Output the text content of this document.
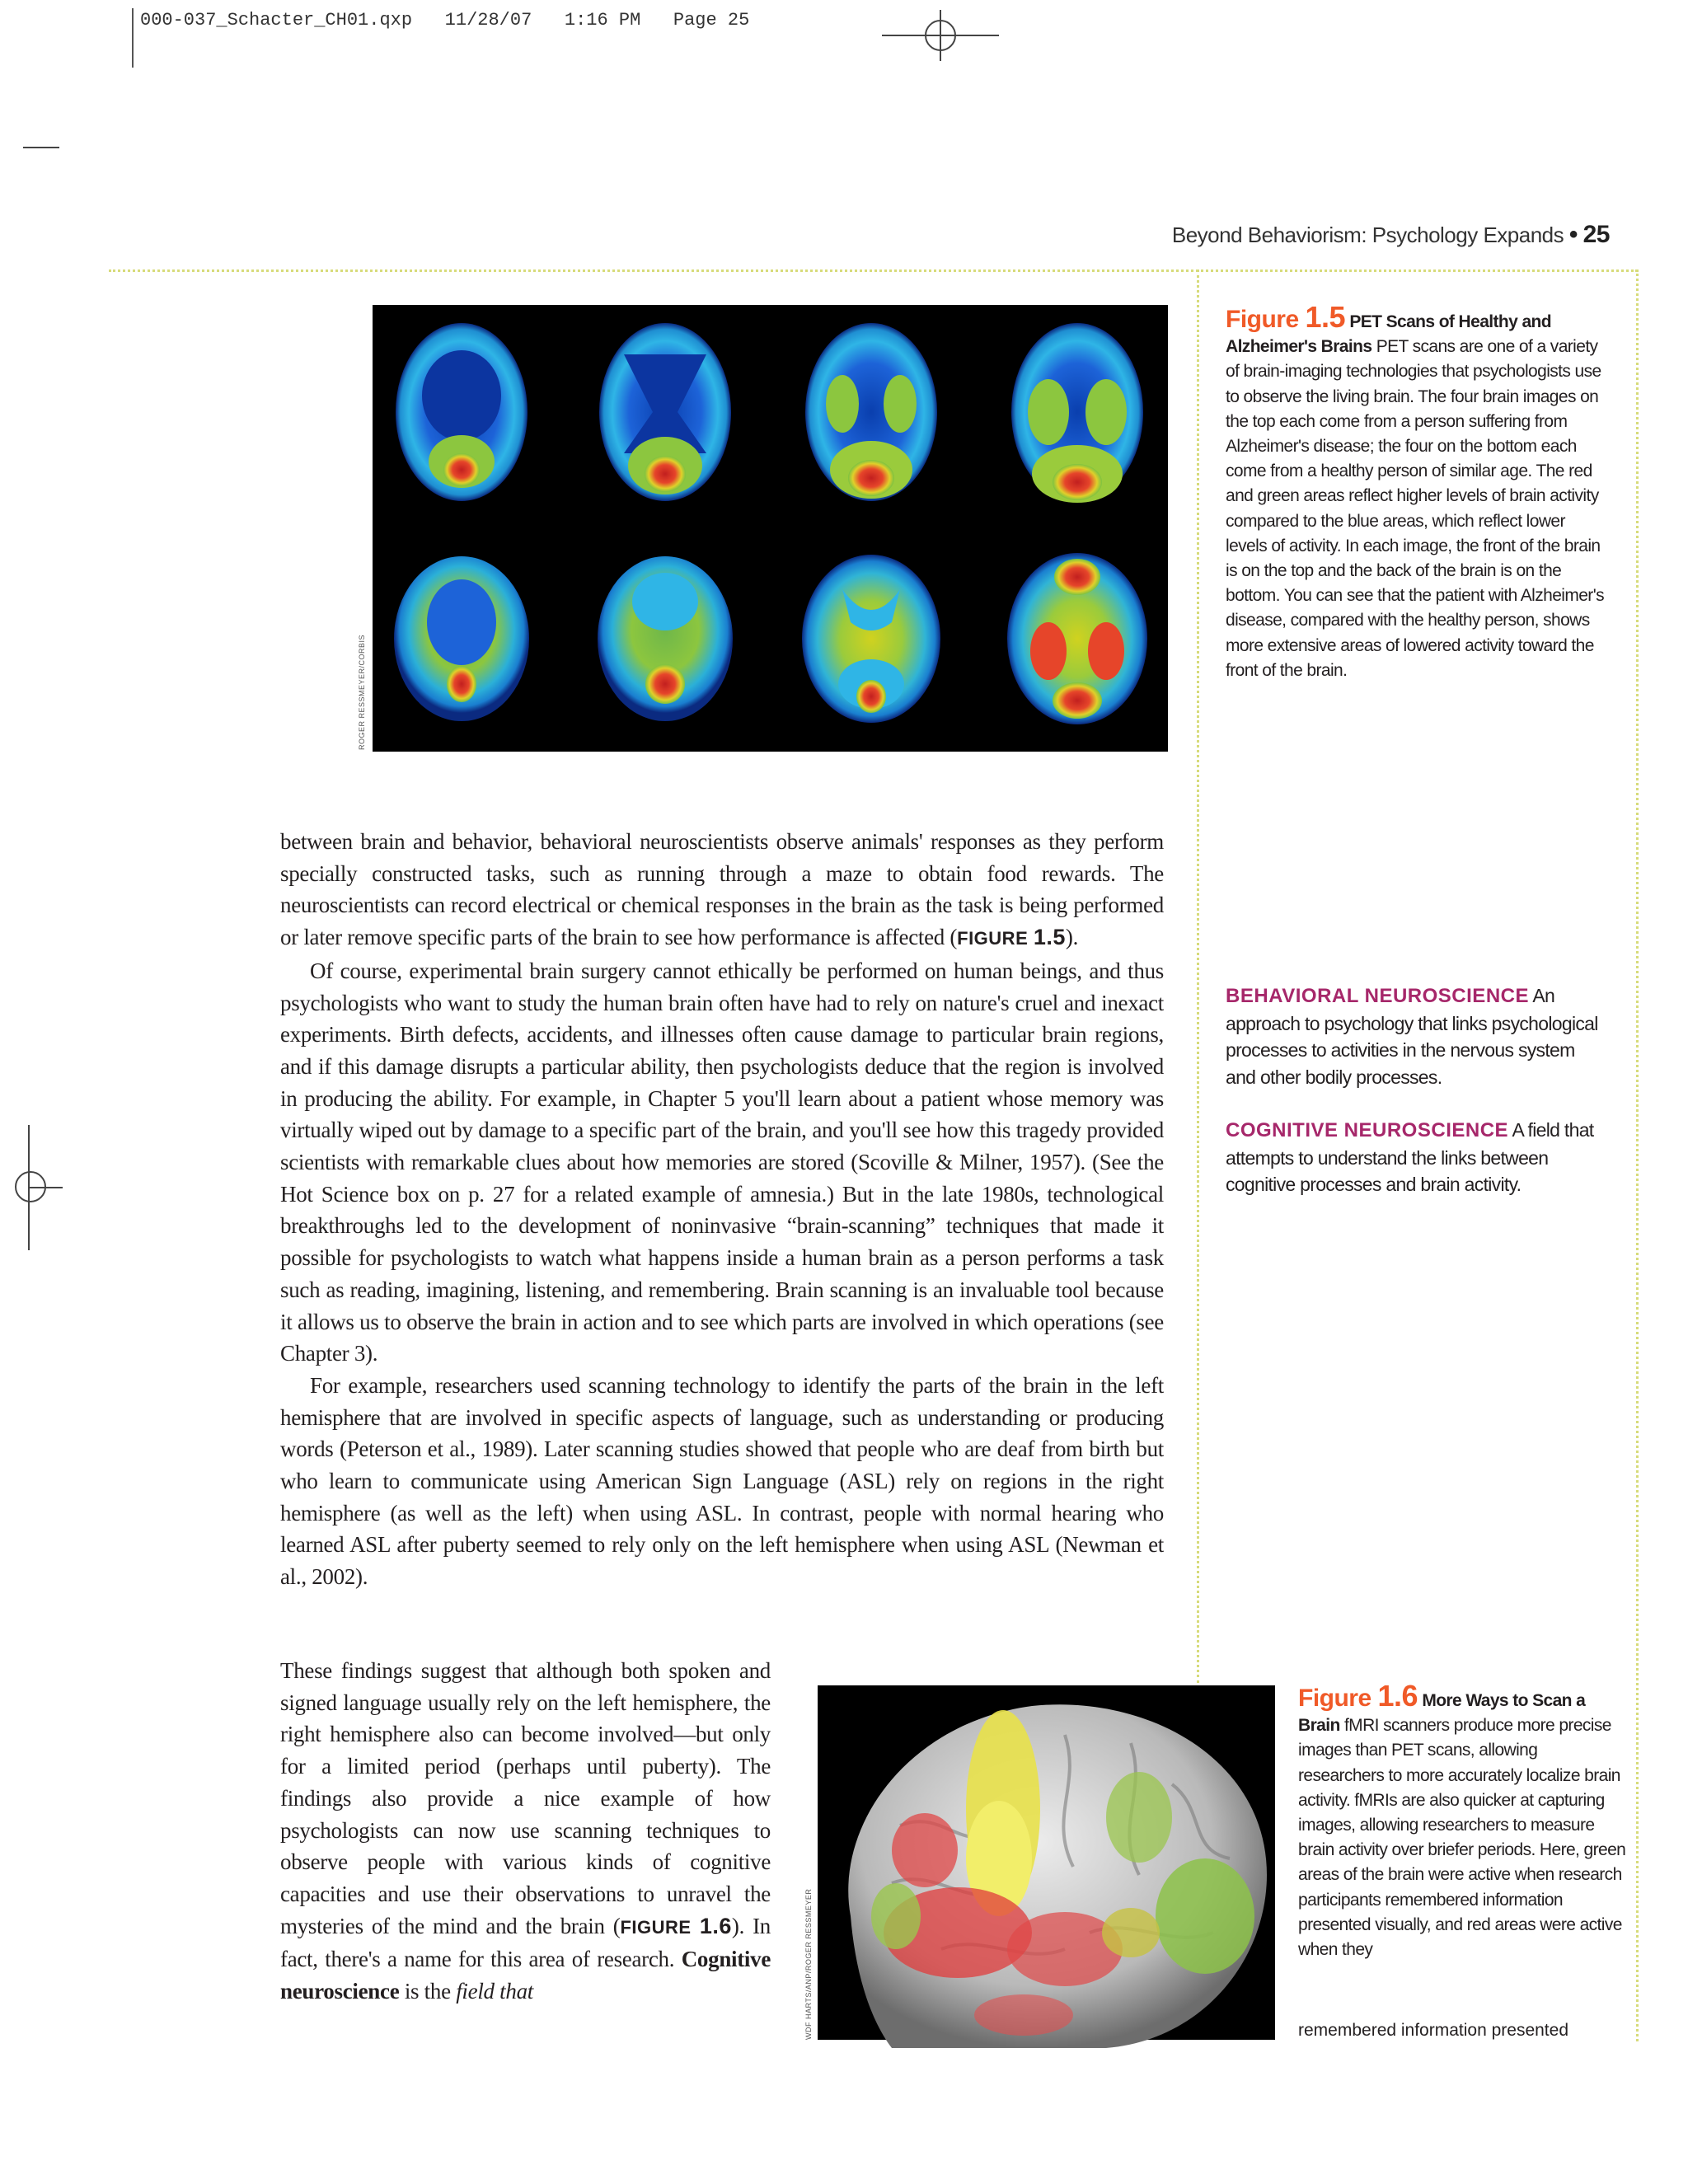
000-037_Schacter_CH01.qxp   11/28/07   1:16 PM   Page 25
Beyond Behaviorism: Psychology Expands • 25
ROGER RESSMEYER/CORBIS
Figure 1.5 PET Scans of Healthy and Alzheimer's Brains PET scans are one of a variety of brain-imaging technologies that psychologists use to observe the living brain. The four brain images on the top each come from a person suffering from Alzheimer's disease; the four on the bottom each come from a healthy person of similar age. The red and green areas reflect higher levels of brain activity compared to the blue areas, which reflect lower levels of activity. In each image, the front of the brain is on the top and the back of the brain is on the bottom. You can see that the patient with Alzheimer's disease, compared with the healthy person, shows more extensive areas of lowered activity toward the front of the brain.

between brain and behavior, behavioral neuroscientists observe animals' responses as they perform specially constructed tasks, such as running through a maze to obtain food rewards. The neuroscientists can record electrical or chemical responses in the brain as the task is being performed or later remove specific parts of the brain to see how performance is affected (FIGURE 1.5).

Of course, experimental brain surgery cannot ethically be performed on human beings, and thus psychologists who want to study the human brain often have had to rely on nature's cruel and inexact experiments. Birth defects, accidents, and illnesses often cause damage to particular brain regions, and if this damage disrupts a particular ability, then psychologists deduce that the region is involved in producing the ability. For example, in Chapter 5 you'll learn about a patient whose memory was virtually wiped out by damage to a specific part of the brain, and you'll see how this tragedy provided scientists with remarkable clues about how memories are stored (Scoville & Milner, 1957). (See the Hot Science box on p. 27 for a related example of amnesia.) But in the late 1980s, technological breakthroughs led to the development of noninvasive “brain-scanning” techniques that made it possible for psychologists to watch what happens inside a human brain as a person performs a task such as reading, imagining, listening, and remembering. Brain scanning is an invaluable tool because it allows us to observe the brain in action and to see which parts are involved in which operations (see Chapter 3).

For example, researchers used scanning technology to identify the parts of the brain in the left hemisphere that are involved in specific aspects of language, such as understanding or producing words (Peterson et al., 1989). Later scanning studies showed that people who are deaf from birth but who learn to communicate using American Sign Language (ASL) rely on regions in the right hemisphere (as well as the left) when using ASL. In contrast, people with normal hearing who learned ASL after puberty seemed to rely only on the left hemisphere when using ASL (Newman et al., 2002).

These findings suggest that although both spoken and signed language usually rely on the left hemisphere, the right hemisphere also can become involved—but only for a limited period (perhaps until puberty). The findings also provide a nice example of how psychologists can now use scanning techniques to observe people with various kinds of cognitive capacities and use their observations to unravel the mysteries of the mind and the brain (FIGURE 1.6). In fact, there's a name for this area of research. Cognitive neuroscience is the field that

BEHAVIORAL NEUROSCIENCE An approach to psychology that links psychological processes to activities in the nervous system and other bodily processes.
COGNITIVE NEUROSCIENCE A field that attempts to understand the links between cognitive processes and brain activity.
WDF HARTS/ANP/ROGER RESSMEYER
Figure 1.6 More Ways to Scan a Brain fMRI scanners produce more precise images than PET scans, allowing researchers to more accurately localize brain activity. fMRIs are also quicker at capturing images, allowing researchers to measure brain activity over briefer periods. Here, green areas of the brain were active when research participants remembered information presented visually, and red areas were active when they
remembered information presented
